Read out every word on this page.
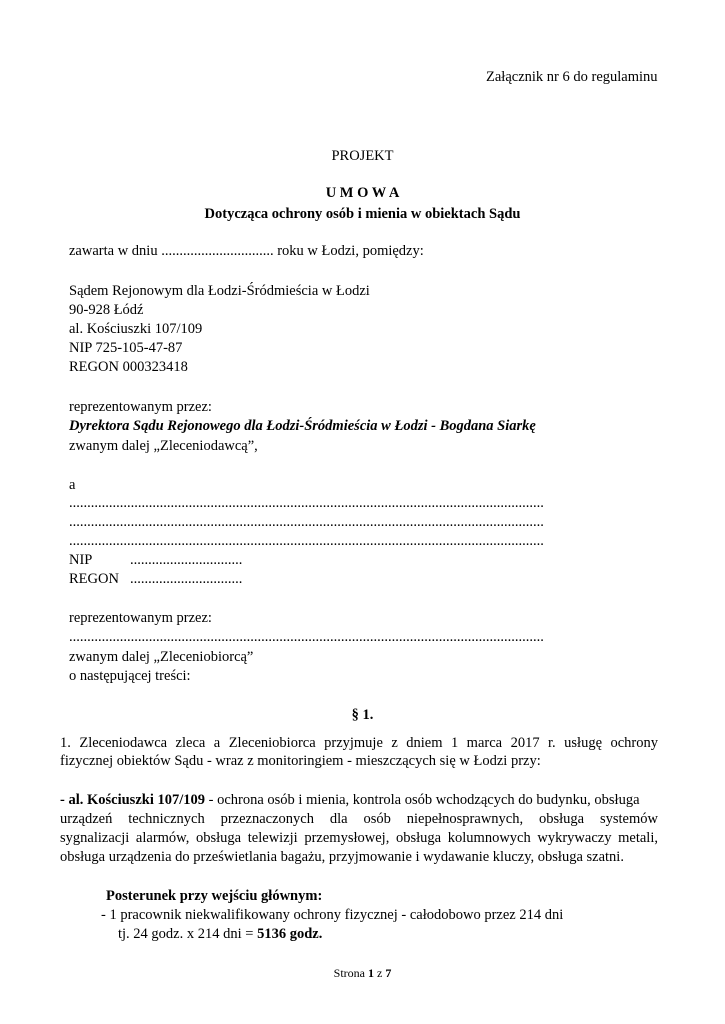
Załącznik nr 6 do regulaminu
PROJEKT
U M O W A
Dotycząca ochrony osób i mienia w obiektach Sądu
zawarta w dniu ............................... roku w Łodzi, pomiędzy:
Sądem Rejonowym dla Łodzi-Śródmieścia w Łodzi
90-928 Łódź
al. Kościuszki 107/109
NIP 725-105-47-87
REGON 000323418
reprezentowanym przez:
Dyrektora Sądu Rejonowego dla Łodzi-Śródmieścia w Łodzi - Bogdana Siarkę
zwanym dalej „Zleceniodawcą”,
a
...................................................................................................................................
...................................................................................................................................
...................................................................................................................................
NIP	...............................
REGON ...............................
reprezentowanym przez:
...................................................................................................................................
zwanym dalej „Zleceniobiorcą”
o następującej treści:
§ 1.
1. Zleceniodawca zleca a Zleceniobiorca przyjmuje z dniem 1 marca 2017 r. usługę ochrony
fizycznej obiektów Sądu - wraz z monitoringiem - mieszczących się w Łodzi przy:
- al. Kościuszki 107/109 - ochrona osób i mienia, kontrola osób wchodzących do budynku, obsługa
urządzeń technicznych przeznaczonych dla osób niepełnosprawnych, obsługa systemów
sygnalizacji alarmów, obsługa telewizji przemysłowej, obsługa kolumnowych wykrywaczy metali,
obsługa urządzenia do prześwietlania bagażu, przyjmowanie i wydawanie kluczy, obsługa szatni.
Posterunek przy wejściu głównym:
- 1 pracownik niekwalifikowany ochrony fizycznej - całodobowo przez 214 dni
tj. 24 godz. x 214 dni = 5136 godz.
Strona 1 z 7
